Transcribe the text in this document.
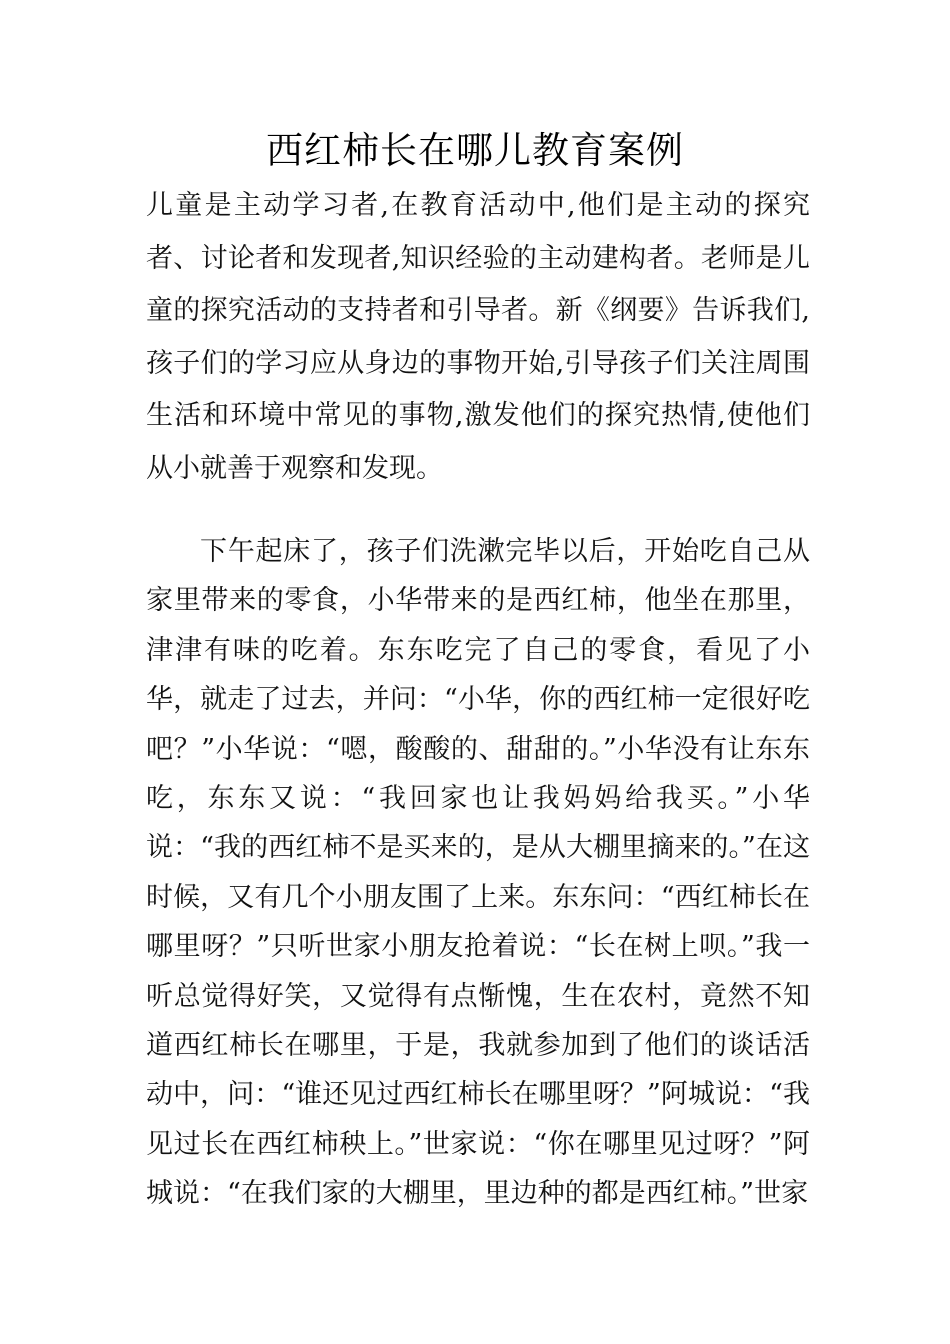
西红柿长在哪儿教育案例

儿童是主动学习者,在教育活动中,他们是主动的探究者、讨论者和发现者,知识经验的主动建构者。老师是儿童的探究活动的支持者和引导者。新《纲要》告诉我们,孩子们的学习应从身边的事物开始,引导孩子们关注周围生活和环境中常见的事物,激发他们的探究热情,使他们从小就善于观察和发现。

下午起床了，孩子们洗漱完毕以后，开始吃自己从家里带来的零食，小华带来的是西红柿，他坐在那里，津津有味的吃着。东东吃完了自己的零食，看见了小华，就走了过去，并问：“小华，你的西红柿一定很好吃吧？”小华说：“嗯，酸酸的、甜甜的。”小华没有让东东吃，东东又说：“我回家也让我妈妈给我买。”小华说：“我的西红柿不是买来的，是从大棚里摘来的。”在这时候，又有几个小朋友围了上来。东东问：“西红柿长在哪里呀？”只听世家小朋友抢着说：“长在树上呗。”我一听总觉得好笑，又觉得有点惭愧，生在农村，竟然不知道西红柿长在哪里，于是，我就参加到了他们的谈话活动中，问：“谁还见过西红柿长在哪里呀？”阿城说：“我见过长在西红柿秧上。”世家说：“你在哪里见过呀？”阿城说：“在我们家的大棚里，里边种的都是西红柿。”世家
